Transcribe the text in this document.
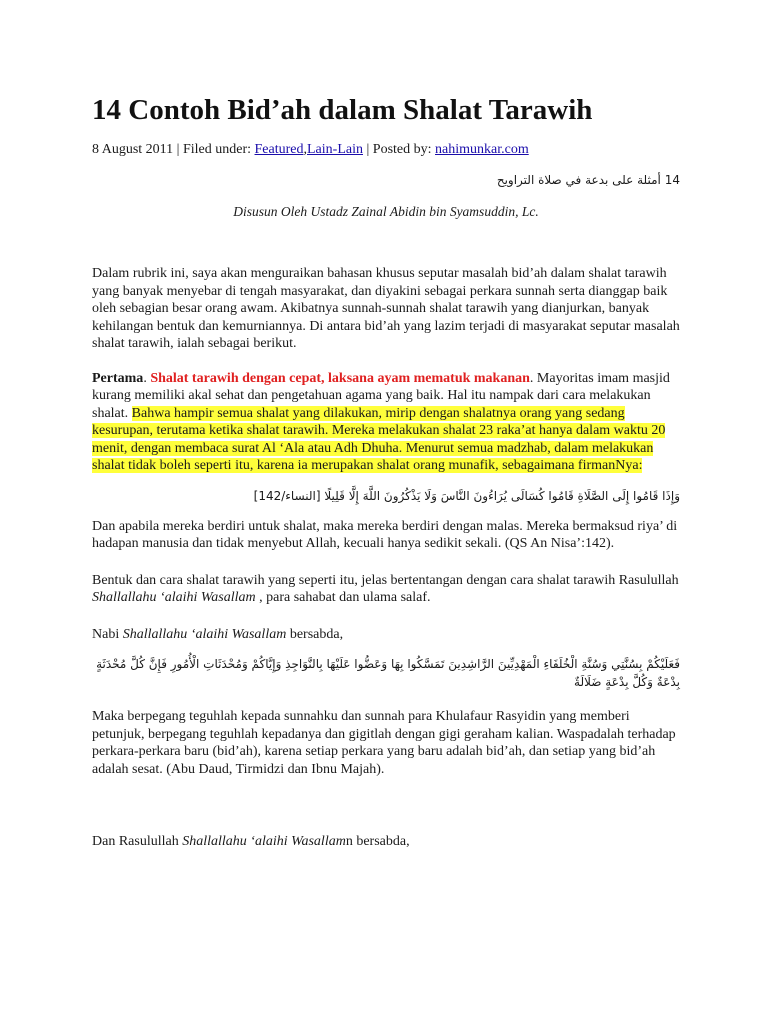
14 Contoh Bid’ah dalam Shalat Tarawih
8 August 2011 | Filed under: Featured,Lain-Lain | Posted by: nahimunkar.com
14 أمثلة على بدعة في صلاة التراويح
Disusun Oleh Ustadz Zainal Abidin bin Syamsuddin, Lc.

Dalam rubrik ini, saya akan menguraikan bahasan khusus seputar masalah bid’ah dalam shalat tarawih yang banyak menyebar di tengah masyarakat, dan diyakini sebagai perkara sunnah serta dianggap baik oleh sebagian besar orang awam. Akibatnya sunnah-sunnah shalat tarawih yang dianjurkan, banyak kehilangan bentuk dan kemurniannya. Di antara bid’ah yang lazim terjadi di masyarakat seputar masalah shalat tarawih, ialah sebagai berikut.

Pertama. Shalat tarawih dengan cepat, laksana ayam mematuk makanan. Mayoritas imam masjid kurang memiliki akal sehat dan pengetahuan agama yang baik. Hal itu nampak dari cara melakukan shalat. Bahwa hampir semua shalat yang dilakukan, mirip dengan shalatnya orang yang sedang kesurupan, terutama ketika shalat tarawih. Mereka melakukan shalat 23 raka’at hanya dalam waktu 20 menit, dengan membaca surat Al ‘Ala atau Adh Dhuha. Menurut semua madzhab, dalam melakukan shalat tidak boleh seperti itu, karena ia merupakan shalat orang munafik, sebagaimana firmanNya:

وَإِذَا قَامُوا إِلَى الصَّلَاةِ قَامُوا كُسَالَى يُرَاءُونَ النَّاسَ وَلَا يَذْكُرُونَ اللَّهَ إِلَّا قَلِيلًا [النساء/142]

Dan apabila mereka berdiri untuk shalat, maka mereka berdiri dengan malas. Mereka bermaksud riya’ di hadapan manusia dan tidak menyebut Allah, kecuali hanya sedikit sekali. (QS An Nisa’:142).

Bentuk dan cara shalat tarawih yang seperti itu, jelas bertentangan dengan cara shalat tarawih Rasulullah Shallallahu ‘alaihi Wasallam , para sahabat dan ulama salaf.

Nabi Shallallahu ‘alaihi Wasallam bersabda,

فَعَلَيْكُمْ بِسُنَّتِي وَسُنَّةِ الْخُلَفَاءِ الْمَهْدِيِّينَ الرَّاشِدِينَ تَمَسَّكُوا بِهَا وَعَضُّوا عَلَيْهَا بِالنَّوَاجِذِ وَإِيَّاكُمْ وَمُحْدَثَاتِ الْأُمُورِ فَإِنَّ كُلَّ مُحْدَثَةٍ بِدْعَةٌ وَكُلَّ بِدْعَةٍ ضَلَالَةٌ

Maka berpegang teguhlah kepada sunnahku dan sunnah para Khulafaur Rasyidin yang memberi petunjuk, berpegang teguhlah kepadanya dan gigitlah dengan gigi geraham kalian. Waspadalah terhadap perkara-perkara baru (bid’ah), karena setiap perkara yang baru adalah bid’ah, dan setiap yang bid’ah adalah sesat. (Abu Daud, Tirmidzi dan Ibnu Majah).

Dan Rasulullah Shallallahu ‘alaihi Wasallamn bersabda,
